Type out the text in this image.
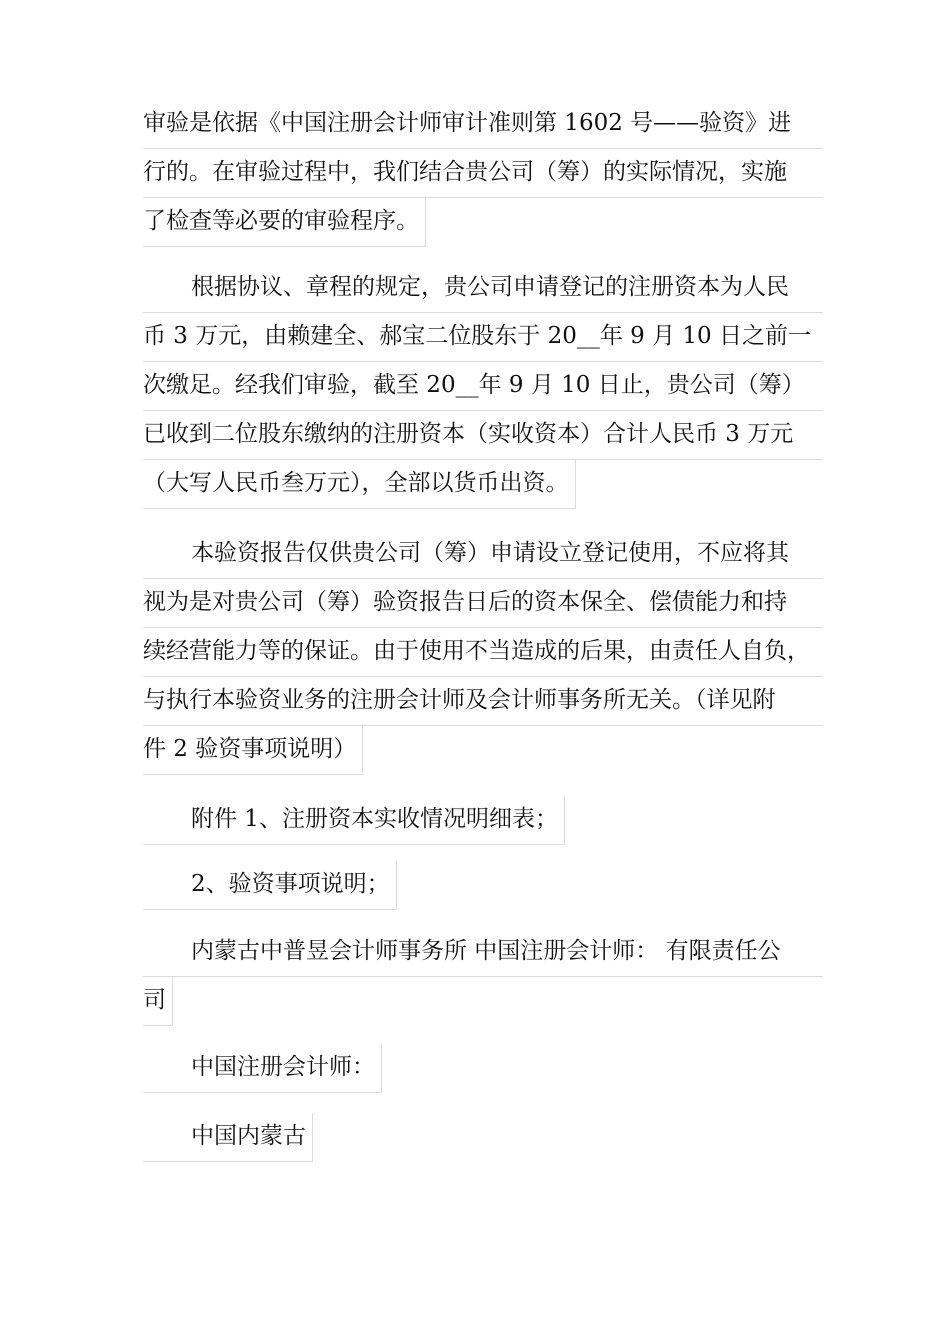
审验是依据《中国注册会计师审计准则第 1602 号——验资》进
行的。在审验过程中，我们结合贵公司（筹）的实际情况，实施
了检查等必要的审验程序。
根据协议、章程的规定，贵公司申请登记的注册资本为人民
币 3 万元，由赖建全、郝宝二位股东于 20__年 9 月 10 日之前一
次缴足。经我们审验，截至 20__年 9 月 10 日止，贵公司（筹）
已收到二位股东缴纳的注册资本（实收资本）合计人民币 3 万元
（大写人民币叁万元），全部以货币出资。
本验资报告仅供贵公司（筹）申请设立登记使用，不应将其
视为是对贵公司（筹）验资报告日后的资本保全、偿债能力和持
续经营能力等的保证。由于使用不当造成的后果，由责任人自负，
与执行本验资业务的注册会计师及会计师事务所无关。（详见附
件 2 验资事项说明）
附件 1、注册资本实收情况明细表；
2、验资事项说明；
内蒙古中普昱会计师事务所 中国注册会计师： 有限责任公
司
中国注册会计师：
中国内蒙古
